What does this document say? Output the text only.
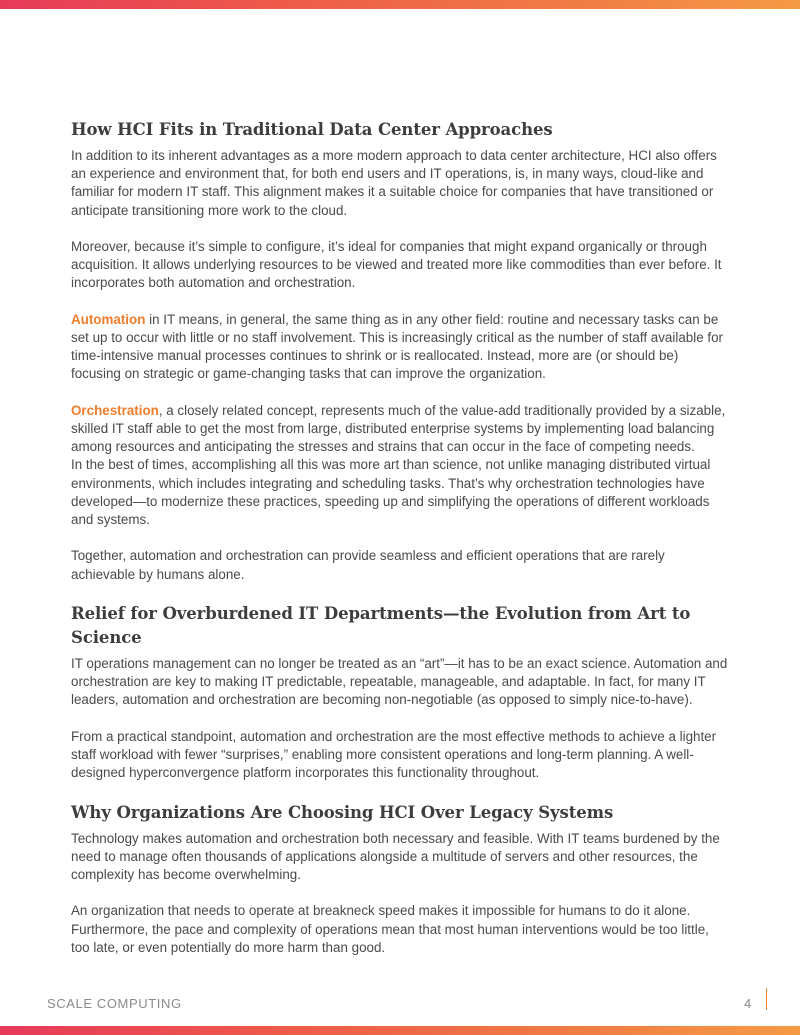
How HCI Fits in Traditional Data Center Approaches

In addition to its inherent advantages as a more modern approach to data center architecture, HCI also offers an experience and environment that, for both end users and IT operations, is, in many ways, cloud-like and familiar for modern IT staff. This alignment makes it a suitable choice for companies that have transitioned or anticipate transitioning more work to the cloud.

Moreover, because it’s simple to configure, it’s ideal for companies that might expand organically or through acquisition. It allows underlying resources to be viewed and treated more like commodities than ever before. It incorporates both automation and orchestration.

Automation in IT means, in general, the same thing as in any other field: routine and necessary tasks can be set up to occur with little or no staff involvement. This is increasingly critical as the number of staff available for time-intensive manual processes continues to shrink or is reallocated. Instead, more are (or should be) focusing on strategic or game-changing tasks that can improve the organization.

Orchestration, a closely related concept, represents much of the value-add traditionally provided by a sizable, skilled IT staff able to get the most from large, distributed enterprise systems by implementing load balancing among resources and anticipating the stresses and strains that can occur in the face of competing needs.

In the best of times, accomplishing all this was more art than science, not unlike managing distributed virtual environments, which includes integrating and scheduling tasks. That’s why orchestration technologies have developed—to modernize these practices, speeding up and simplifying the operations of different workloads and systems.

Together, automation and orchestration can provide seamless and efficient operations that are rarely achievable by humans alone.

Relief for Overburdened IT Departments—the Evolution from Art to Science

IT operations management can no longer be treated as an “art”—it has to be an exact science. Automation and orchestration are key to making IT predictable, repeatable, manageable, and adaptable. In fact, for many IT leaders, automation and orchestration are becoming non-negotiable (as opposed to simply nice-to-have).

From a practical standpoint, automation and orchestration are the most effective methods to achieve a lighter staff workload with fewer “surprises,” enabling more consistent operations and long-term planning. A well-designed hyperconvergence platform incorporates this functionality throughout.

Why Organizations Are Choosing HCI Over Legacy Systems

Technology makes automation and orchestration both necessary and feasible. With IT teams burdened by the need to manage often thousands of applications alongside a multitude of servers and other resources, the complexity has become overwhelming.

An organization that needs to operate at breakneck speed makes it impossible for humans to do it alone. Furthermore, the pace and complexity of operations mean that most human interventions would be too little, too late, or even potentially do more harm than good.

SCALE COMPUTING	4
